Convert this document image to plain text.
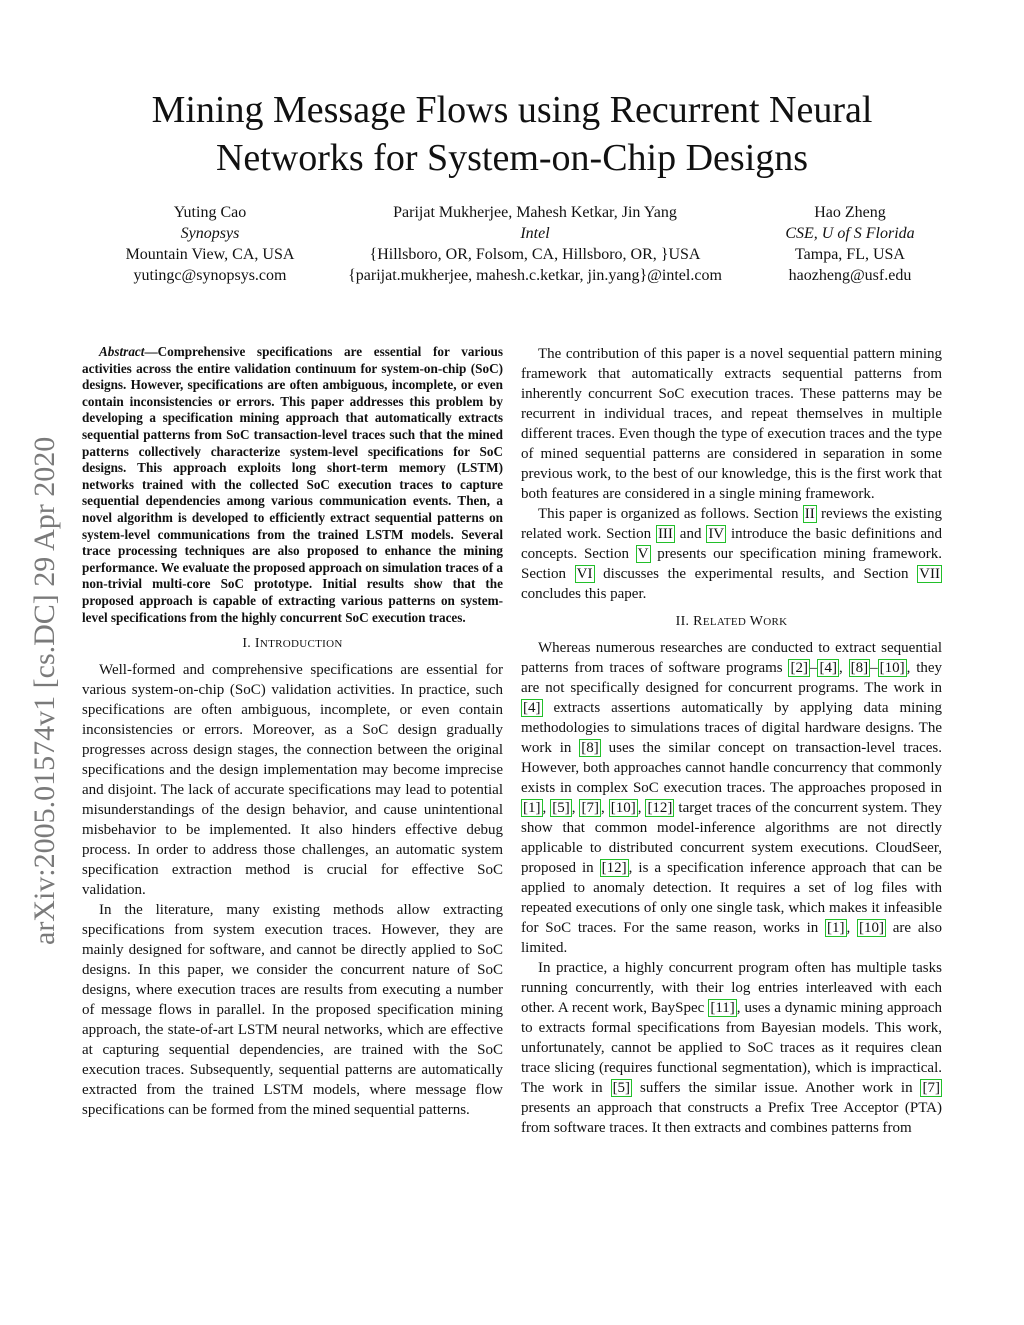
Mining Message Flows using Recurrent Neural
Networks for System-on-Chip Designs
Yuting Cao
Synopsys
Mountain View, CA, USA
yutingc@synopsys.com
Parijat Mukherjee, Mahesh Ketkar, Jin Yang
Intel
{Hillsboro, OR, Folsom, CA, Hillsboro, OR, }USA
{parijat.mukherjee, mahesh.c.ketkar, jin.yang}@intel.com
Hao Zheng
CSE, U of S Florida
Tampa, FL, USA
haozheng@usf.edu
arXiv:2005.01574v1 [cs.DC] 29 Apr 2020

Abstract—Comprehensive specifications are essential for various activities across the entire validation continuum for system-on-chip (SoC) designs. However, specifications are often ambiguous, incomplete, or even contain inconsistencies or errors. This paper addresses this problem by developing a specification mining approach that automatically extracts sequential patterns from SoC transaction-level traces such that the mined patterns collectively characterize system-level specifications for SoC designs. This approach exploits long short-term memory (LSTM) networks trained with the collected SoC execution traces to capture sequential dependencies among various communication events. Then, a novel algorithm is developed to efficiently extract sequential patterns on system-level communications from the trained LSTM models. Several trace processing techniques are also proposed to enhance the mining performance. We evaluate the proposed approach on simulation traces of a non-trivial multi-core SoC prototype. Initial results show that the proposed approach is capable of extracting various patterns on system-level specifications from the highly concurrent SoC execution traces.

I. INTRODUCTION

Well-formed and comprehensive specifications are essential for various system-on-chip (SoC) validation activities. In practice, such specifications are often ambiguous, incomplete, or even contain inconsistencies or errors. Moreover, as a SoC design gradually progresses across design stages, the connection between the original specifications and the design implementation may become imprecise and disjoint. The lack of accurate specifications may lead to potential misunderstandings of the design behavior, and cause unintentional misbehavior to be implemented. It also hinders effective debug process. In order to address those challenges, an automatic system specification extraction method is crucial for effective SoC validation.

In the literature, many existing methods allow extracting specifications from system execution traces. However, they are mainly designed for software, and cannot be directly applied to SoC designs. In this paper, we consider the concurrent nature of SoC designs, where execution traces are results from executing a number of message flows in parallel. In the proposed specification mining approach, the state-of-art LSTM neural networks, which are effective at capturing sequential dependencies, are trained with the SoC execution traces. Subsequently, sequential patterns are automatically extracted from the trained LSTM models, where message flow specifications can be formed from the mined sequential patterns.

The contribution of this paper is a novel sequential pattern mining framework that automatically extracts sequential patterns from inherently concurrent SoC execution traces. These patterns may be recurrent in individual traces, and repeat themselves in multiple different traces. Even though the type of execution traces and the type of mined sequential patterns are considered in separation in some previous work, to the best of our knowledge, this is the first work that both features are considered in a single mining framework.

This paper is organized as follows. Section II reviews the existing related work. Section III and IV introduce the basic definitions and concepts. Section V presents our specification mining framework. Section VI discusses the experimental results, and Section VII concludes this paper.

II. RELATED WORK

Whereas numerous researches are conducted to extract sequential patterns from traces of software programs [2] – [4] , [8] – [10] , they are not specifically designed for concurrent programs. The work in [4] extracts assertions automatically by applying data mining methodologies to simulations traces of digital hardware designs. The work in [8] uses the similar concept on transaction-level traces. However, both approaches cannot handle concurrency that commonly exists in complex SoC execution traces. The approaches proposed in [1] , [5] , [7] , [10] , [12] target traces of the concurrent system. They show that common model-inference algorithms are not directly applicable to distributed concurrent system executions. CloudSeer, proposed in [12] , is a specification inference approach that can be applied to anomaly detection. It requires a set of log files with repeated executions of only one single task, which makes it infeasible for SoC traces. For the same reason, works in [1] , [10] are also limited.

In practice, a highly concurrent program often has multiple tasks running concurrently, with their log entries interleaved with each other. A recent work, BaySpec [11] , uses a dynamic mining approach to extracts formal specifications from Bayesian models. This work, unfortunately, cannot be applied to SoC traces as it requires clean trace slicing (requires functional segmentation), which is impractical. The work in [5] suffers the similar issue. Another work in [7] presents an approach that constructs a Prefix Tree Acceptor (PTA) from software traces. It then extracts and combines patterns from
